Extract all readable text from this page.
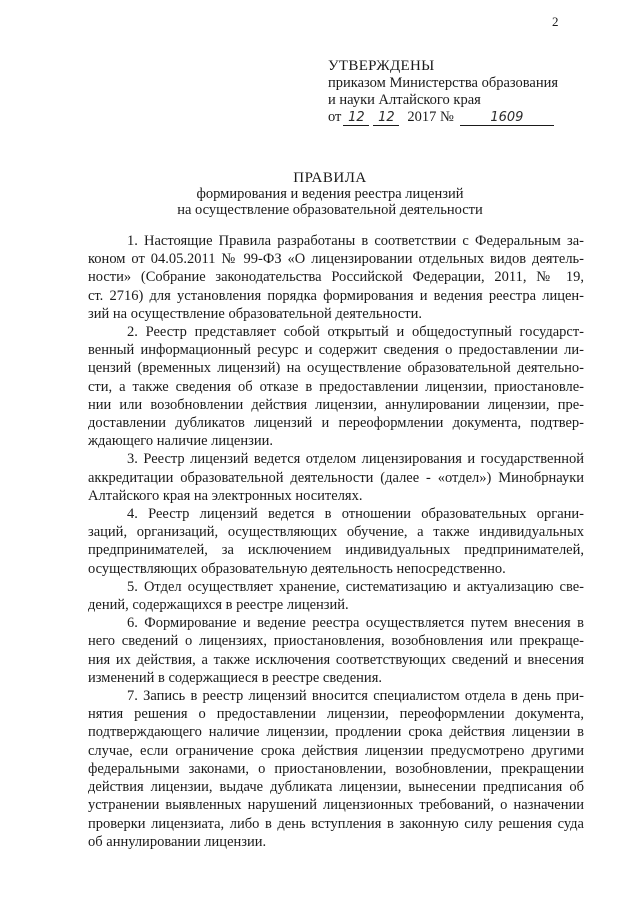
2
УТВЕРЖДЕНЫ
приказом Министерства образования
и науки Алтайского края
от 12	12 2017 №	1609
ПРАВИЛА
формирования и ведения реестра лицензий
на осуществление образовательной деятельности
1. Настоящие Правила разработаны в соответствии с Федеральным за-
коном от 04.05.2011 № 99-ФЗ «О лицензировании отдельных видов деятель-
ности» (Собрание законодательства Российской Федерации, 2011, № 19,
ст. 2716) для установления порядка формирования и ведения реестра лицен-
зий на осуществление образовательной деятельности.
2. Реестр представляет собой открытый и общедоступный государст-
венный информационный ресурс и содержит сведения о предоставлении ли-
цензий (временных лицензий) на осуществление образовательной деятельно-
сти, а также сведения об отказе в предоставлении лицензии, приостановле-
нии или возобновлении действия лицензии, аннулировании лицензии, пре-
доставлении дубликатов лицензий и переоформлении документа, подтвер-
ждающего наличие лицензии.
3. Реестр лицензий ведется отделом лицензирования и государственной
аккредитации образовательной деятельности (далее - «отдел») Минобрнауки
Алтайского края на электронных носителях.
4. Реестр лицензий ведется в отношении образовательных органи-
заций, организаций, осуществляющих обучение, а также индивидуальных
предпринимателей, за исключением индивидуальных предпринимателей,
осуществляющих образовательную деятельность непосредственно.
5. Отдел осуществляет хранение, систематизацию и актуализацию све-
дений, содержащихся в реестре лицензий.
6. Формирование и ведение реестра осуществляется путем внесения в
него сведений о лицензиях, приостановления, возобновления или прекраще-
ния их действия, а также исключения соответствующих сведений и внесения
изменений в содержащиеся в реестре сведения.
7. Запись в реестр лицензий вносится специалистом отдела в день при-
нятия решения о предоставлении лицензии, переоформлении документа,
подтверждающего наличие лицензии, продлении срока действия лицензии в
случае, если ограничение срока действия лицензии предусмотрено другими
федеральными законами, о приостановлении, возобновлении, прекращении
действия лицензии, выдаче дубликата лицензии, вынесении предписания об
устранении выявленных нарушений лицензионных требований, о назначении
проверки лицензиата, либо в день вступления в законную силу решения суда
об аннулировании лицензии.
